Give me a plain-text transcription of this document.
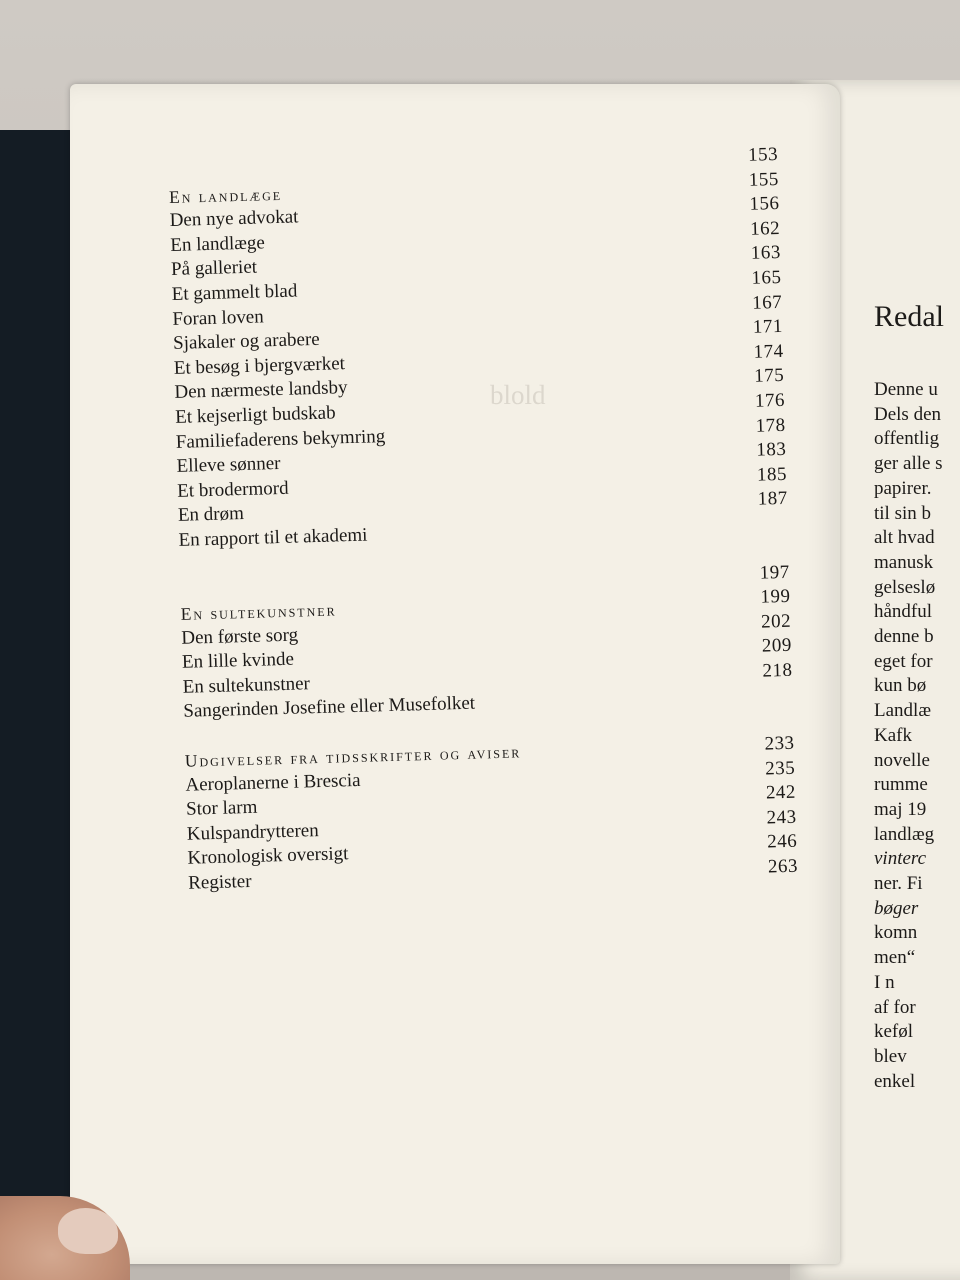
blold
153
En landlæge
155
Den nye advokat
156
En landlæge
162
På galleriet
163
Et gammelt blad
165
Foran loven
167
Sjakaler og arabere
171
Et besøg i bjergværket
174
Den nærmeste landsby
175
Et kejserligt budskab
176
Familiefaderens bekymring
178
Elleve sønner
183
Et brodermord
185
En drøm
187
En rapport til et akademi
197
En sultekunstner
199
Den første sorg
202
En lille kvinde
209
En sultekunstner
218
Sangerinden Josefine eller Musefolket
Udgivelser fra tidsskrifter og aviser	233
Aeroplanerne i Brescia
235
Stor larm
242
Kulspandrytteren
243
Kronologisk oversigt
246
Register
263
Redal
Denne u
Dels den
offentlig
ger alle s
papirer.
til sin b
alt hvad
manusk
gelseslø
håndful
denne b
eget for
kun bø
Landlæ
Kafk
novelle
rumme
maj 19
landlæg
vinterc
ner. Fi
bøger
komn
men“
I n
af for
keføl
blev
enkel
